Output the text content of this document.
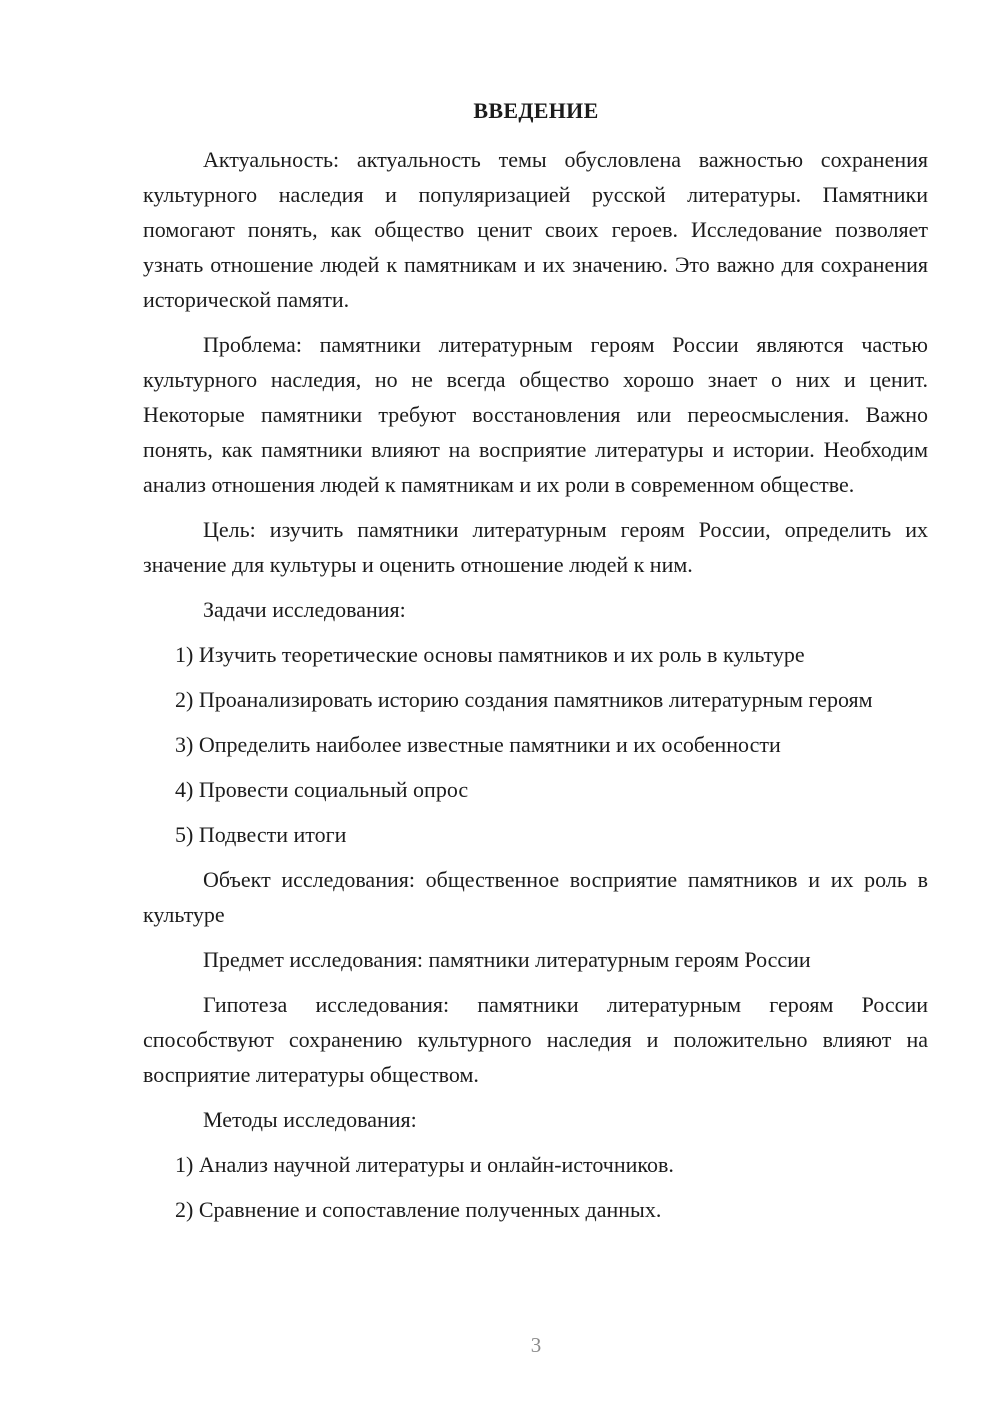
ВВЕДЕНИЕ

Актуальность: актуальность темы обусловлена важностью сохранения культурного наследия и популяризацией русской литературы. Памятники помогают понять, как общество ценит своих героев. Исследование позволяет узнать отношение людей к памятникам и их значению. Это важно для сохранения исторической памяти.

Проблема: памятники литературным героям России являются частью культурного наследия, но не всегда общество хорошо знает о них и ценит. Некоторые памятники требуют восстановления или переосмысления. Важно понять, как памятники влияют на восприятие литературы и истории. Необходим анализ отношения людей к памятникам и их роли в современном обществе.

Цель: изучить памятники литературным героям России, определить их значение для культуры и оценить отношение людей к ним.

Задачи исследования:

1) Изучить теоретические основы памятников и их роль в культуре

2) Проанализировать историю создания памятников литературным героям

3) Определить наиболее известные памятники и их особенности

4) Провести социальный опрос

5) Подвести итоги

Объект исследования: общественное восприятие памятников и их роль в культуре

Предмет исследования: памятники литературным героям России

Гипотеза исследования: памятники литературным героям России способствуют сохранению культурного наследия и положительно влияют на восприятие литературы обществом.

Методы исследования:

1) Анализ научной литературы и онлайн-источников.

2) Сравнение и сопоставление полученных данных.

3
